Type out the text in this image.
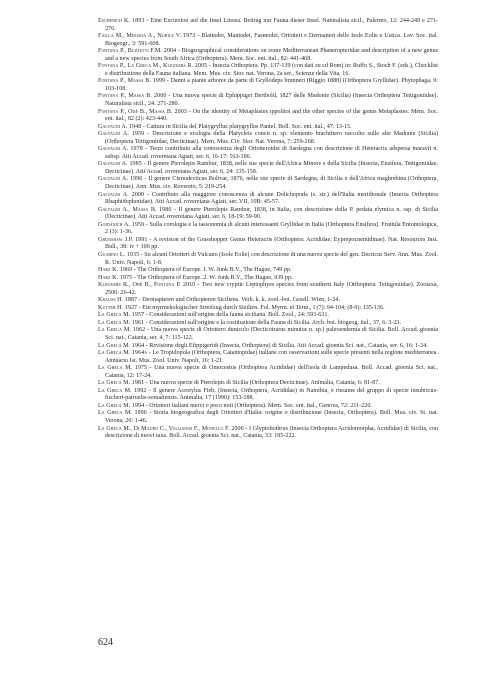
Escherich K. 1893 - Eine Excursion auf die Insel Linosa. Beitrag nur Fauna dieser Insel. Naturalista sicil., Palermo, 12: 244-249 e 271-276.
Failla M., Messina A., Nobile V. 1973 - Blattodei, Mantodei, Fasmodei, Ortotteri e Dermatteri delle Isole Eolie e Ustica. Lav. Soc. ital. Biogeogr., 3: 591-608.
Fontana P., Buzzetti F.M. 2004 - Biogeographical considerations on some Mediterranean Phaneropteridae and description of a new genus and a new species from South Africa (Orthoptera). Mem. Soc. ent. ital., 82: 441-468.
Fontana P., La Greca M., Kleukers R. 2005 - Insecta Orthoptera. Pp. 137-139 (con dati su cd Rom) in: Ruffo S., Stoch F. (eds.), Checklist e distribuzione della Fauna italiana. Mem. Mus. civ. Stor. nat. Verona, 2a ser., Scienze della Vita, 16.
Fontana P., Massa B. 1999 - Danni a piante arboree da parte di Gryllodeps brunneri (Riggio 1888) (Orthoptera Gryllidae). Phytophaga, 9: 103-108.
Fontana P., Massa B. 2000 - Una nuova specie di Ephippiger Berthold, 1827 delle Madonie (Sicilia) (Insecta Orthoptera Tettigoniidae). Naturalista sicil., 24: 271-280.
Fontana P., Odè B., Massa B. 2003 - On the identity of Metaplastes ippolitoi and the other species of the genus Metaplastes. Mem. Soc. ent. ital., 82 (2): 423-440.
Galvagni A. 1948 - Cattura in Sicilia del Platygryllus platygryllus Pantel. Boll. Soc. ent. ital., 47: 13-15.
Galvagni A. 1959 - Descrizione e ecologia della Platycleis concii n. sp. elemento brachittero raccolto sulle alte Madonie (Sicilia) (Orthoptera Tettigoniidae, Decticinae). Mem. Mus. Civ. Stor. Nat. Verona, 7: 259-268.
Galvagni A. 1978 - Terzo contributo alla conoscenza degli Ortotteroidei di Sardegna con descrizione di Heteracris adspersa maravii n. subsp. Atti Accad. roveretana Agiati, ser. 6, 16-17: 163-186.
Galvagni A. 1985 - Il genere Pterolepis Rambur, 1838, nelle sue specie dell'Africa Minore e della Sicilia (Insecta, Ensifera, Tettigoniidae, Decticinae). Atti Accad. roveretana Agiati, ser. 6, 24: 135-158.
Galvagni A. 1990 - Il genere Ctenodecticus Bolivar, 1876, nelle sue specie di Sardegna, di Sicilia e dell'Africa maghrebina (Orthoptera, Decticinae). Ann. Mus. civ. Rovereto, 5: 219-254.
Galvagni A. 2000 - Contributo alla maggiore conoscenza di alcune Dolichopoda (s. str.) dell'Italia meridionale (Insecta Orthoptera Rhaphidophoridae). Atti Accad. roveretana Agiati, ser. VII, 10B: 45-57.
Galvagni A., Massa B. 1980 - Il genere Pterolepis Rambur, 1838, in Italia, con descrizione della P. pedata elymica n. ssp. di Sicilia (Decticinae). Atti Accad. roveretana Agiati, ser. 6, 18-19: 59-90.
Goidanich A. 1959 - Sulla corologia e la tassonomia di alcuni interessanti Gryllidae in Italia (Orthoptera Ensifera). Fruttula Entomologica, 2 (3): 1-36.
Grunshaw J.P. 1991 - A revision of the Grasshopper Genus Heteracris (Orthoptera: Acrididae: Eyprepocnemidinae). Nat. Resources Inst. Bull., 38: iv + 106 pp.
Guarino L. 1935 - Su alcuni Ortotteri di Vulcano (Isole Eolie) con descrizione di una nuova specie del gen. Decticus Serv. Ann. Mus. Zool. R. Univ. Napoli, 6: 1-8.
Harz K. 1969 - The Orthoptera of Europe. I. W. Junk B.V., The Hague, 749 pp.
Harz K. 1975 - The Orthoptera of Europe. 2. W. Junk B.V., The Hague, 939 pp.
Kleukers R., Odè B., Fontana P. 2010 - Two new cryptic Leptophyes species from southern Italy (Orthoptera: Tettigoniidae). Zootaxa, 2506: 26-42.
Krauss H. 1887 - Dermapteren und Orthopteren Siciliens. Verh. k. k. zool.-bot. Gesell. Wien, 1-24.
Kutter H. 1927 - Ein myrmekologischer Streifzug durch Sizilien. Fol. Myrm. et Term., I (7): 94-104; (8-9): 135-136.
La Greca M. 1957 - Considerazioni sull'origine della fauna siciliana. Boll. Zool., 24: 593-631.
La Greca M. 1961 - Considerazioni sull'origine e la costituzione della Fauna di Sicilia. Arch. bot. biogeog. ital., 37, 6: 3-23.
La Greca M. 1962 - Una nuova specie di Ortottero dunicolo (Decticotrarus minutus n. sp.) paleoendemia di Sicilia. Boll. Accad. gioenia Sci. nat., Catania, ser. 4, 7: 115-122.
La Greca M. 1964 - Revisione degli Efippigeridi (Insecta, Orthoptera) di Sicilia. Atti Accad. gioenia Sci. nat., Catania, ser. 6, 16: 1-24.
La Greca M. 1964a - Le Tropidopola (Orthoptera, Catantopidae) italiane con osservazioni sulle specie presenti nella regione mediterranea. Annuario Ist. Mus. Zool. Univ. Napoli, 16: 1-21.
La Greca M. 1975 - Una nuova specie di Omocestus (Orthoptera Acrididae) dell'isola di Lampedusa. Boll. Accad. gioenia Sci. nat., Catania, 12: 17-24.
La Greca M. 1981 - Una nuova specie di Pterolepis di Sicilia (Orthoptera Decticinae). Animalia, Catania, 6: 81-87.
La Greca M. 1992 - Il genere Acrotylus Fieb. (Insecta, Orthoptera, Acrididae) in Namibia, e riesame del gruppo di specie insubricus-fischeri-patruelis-somaliensis. Animalia, 17 (1990): 153-188.
La Greca M. 1994 - Ortotteri italiani nuovi o poco noti (Orthoptera). Mem. Soc. ent. ital., Genova, 72: 211-220.
La Greca M. 1996 - Storia biogeografica degli Ortotteri d'Italia: origine e distribuzione (Insecta, Orthoptera). Boll. Mus. civ. St. nat. Verona, 20: 1-46.
La Greca M., Di Mauro C., Viglianisi F., Monello F. 2000 - I Glyptobothrus (Insecta Orthoptera Acridomorpha, Acrididae) di Sicilia, con descrizione di nuovi taxa. Boll. Accad. gioenia Sci. nat., Catania, 33: 185-222.
624
